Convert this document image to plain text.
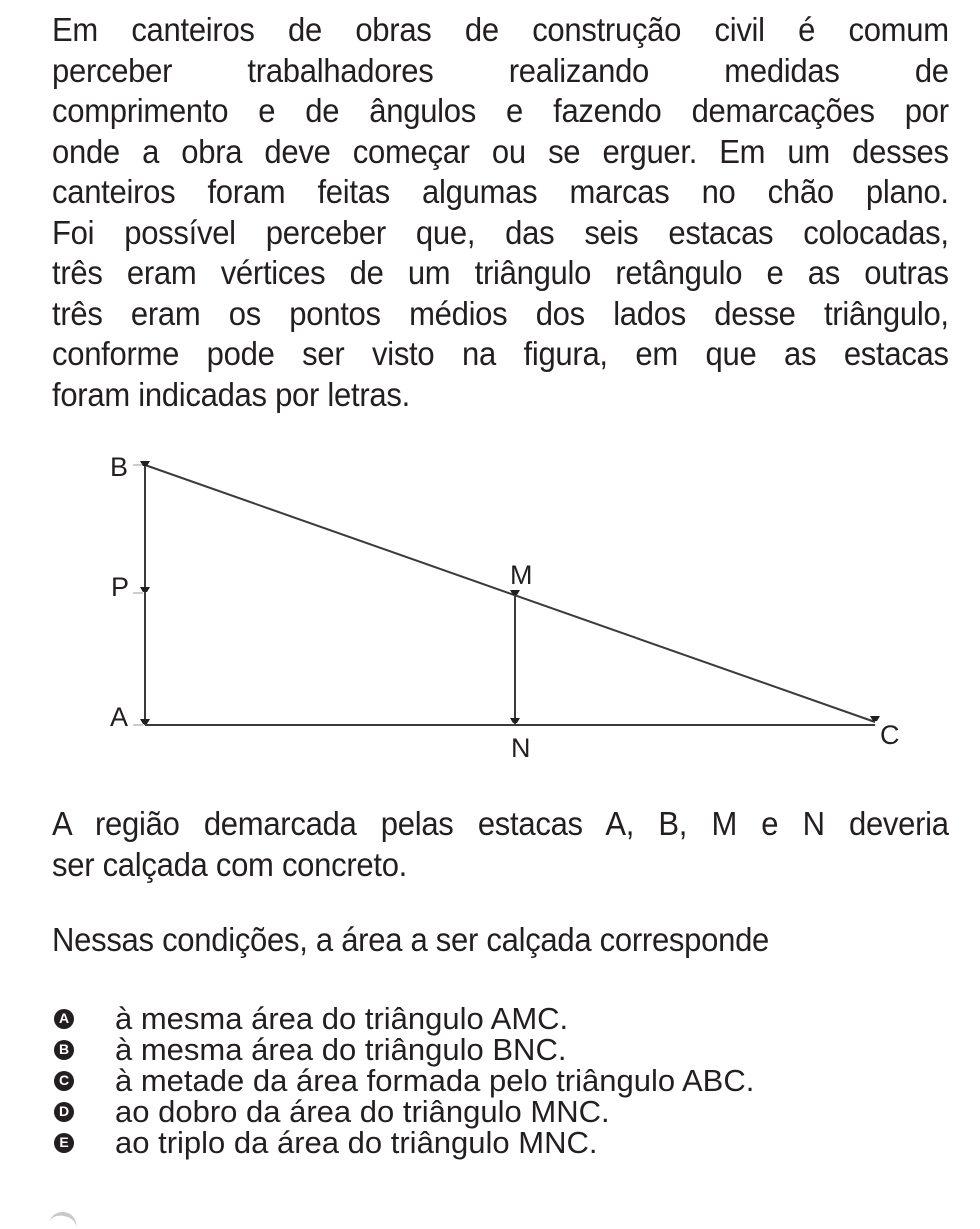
Em canteiros de obras de construção civil é comum
perceber trabalhadores realizando medidas de
comprimento e de ângulos e fazendo demarcações por
onde a obra deve começar ou se erguer. Em um desses
canteiros foram feitas algumas marcas no chão plano.
Foi possível perceber que, das seis estacas colocadas,
três eram vértices de um triângulo retângulo e as outras
três eram os pontos médios dos lados desse triângulo,
conforme pode ser visto na figura, em que as estacas
foram indicadas por letras.
B
P
A
M
N	C
A região demarcada pelas estacas A, B, M e N deveria
ser calçada com concreto.
Nessas condições, a área a ser calçada corresponde
A à mesma área do triângulo AMC.
B à mesma área do triângulo BNC.
C à metade da área formada pelo triângulo ABC.
D ao dobro da área do triângulo MNC.
E ao triplo da área do triângulo MNC.
